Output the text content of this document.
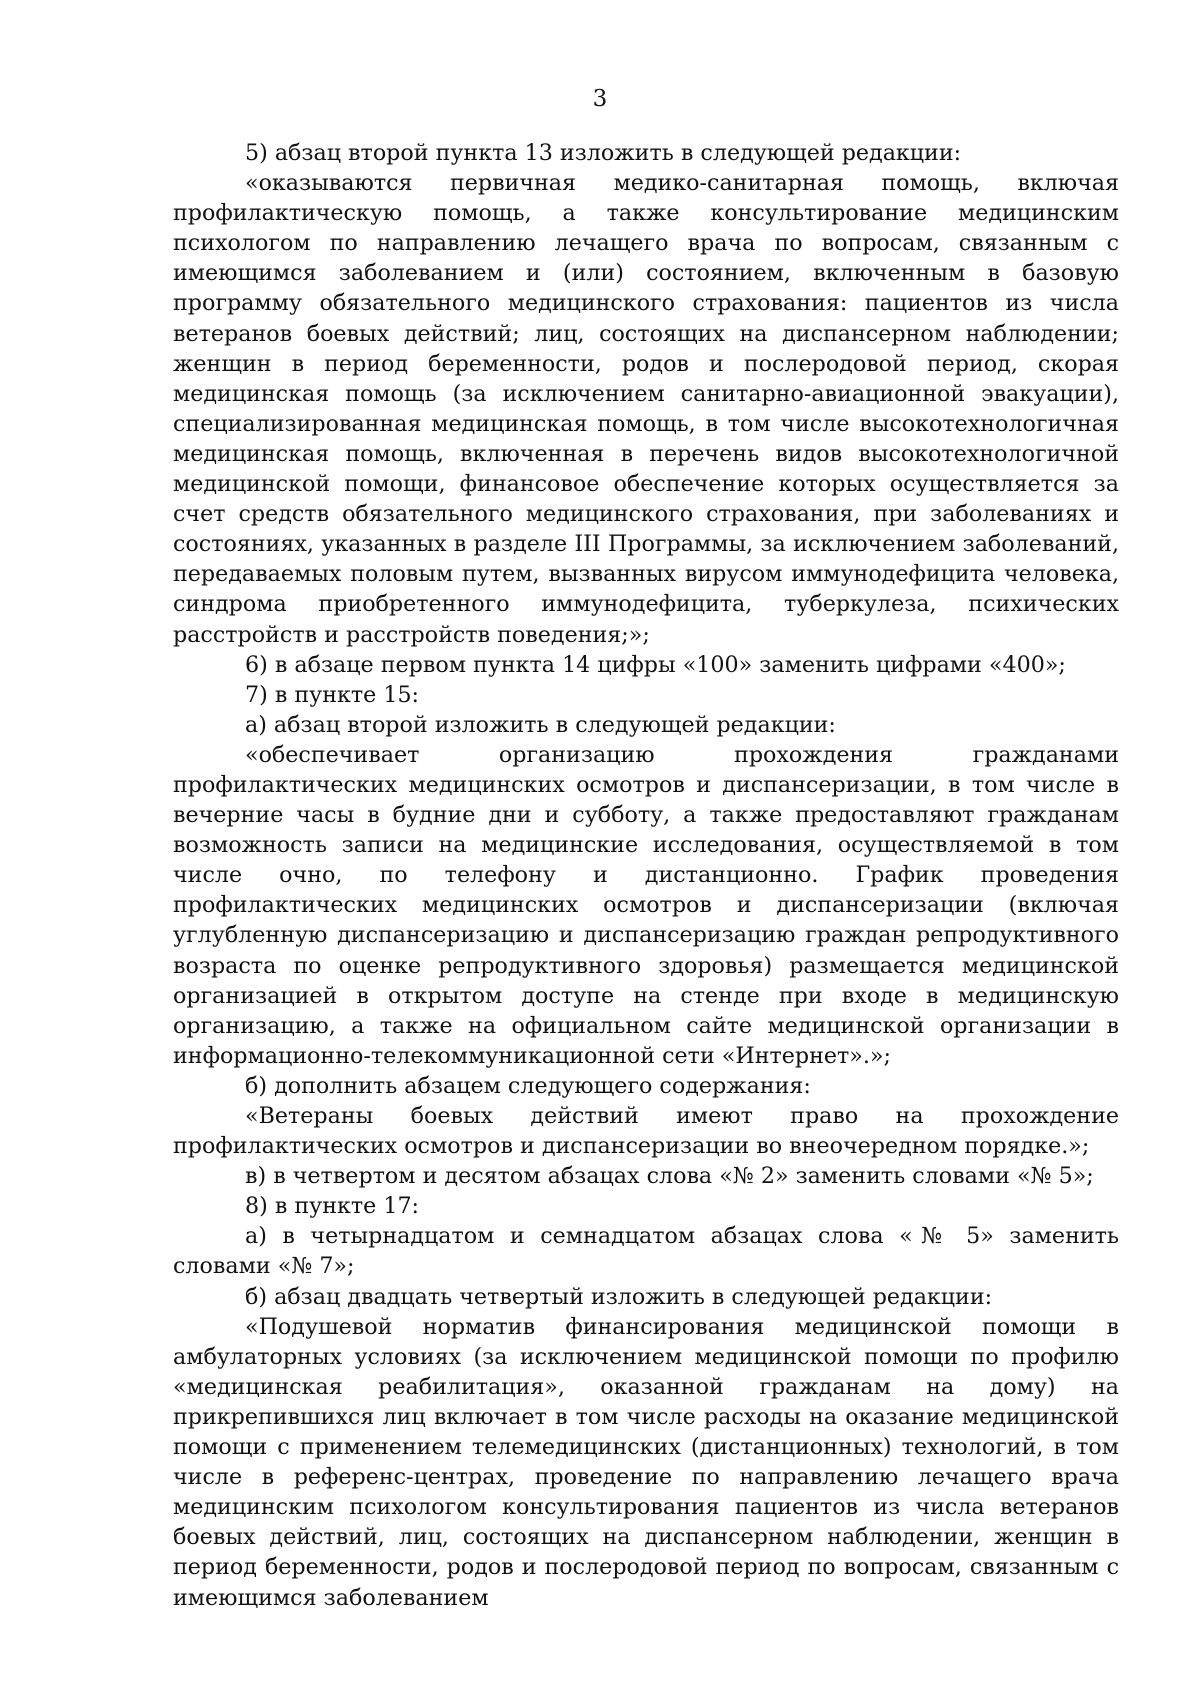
3

5) абзац второй пункта 13 изложить в следующей редакции:

«оказываются первичная медико-санитарная помощь, включая профилактическую помощь, а также консультирование медицинским психологом по направлению лечащего врача по вопросам, связанным с имеющимся заболеванием и (или) состоянием, включенным в базовую программу обязательного медицинского страхования: пациентов из числа ветеранов боевых действий; лиц, состоящих на диспансерном наблюдении; женщин в период беременности, родов и послеродовой период, скорая медицинская помощь (за исключением санитарно-авиационной эвакуации), специализированная медицинская помощь, в том числе высокотехнологичная медицинская помощь, включенная в перечень видов высокотехнологичной медицинской помощи, финансовое обеспечение которых осуществляется за счет средств обязательного медицинского страхования, при заболеваниях и состояниях, указанных в разделе III Программы, за исключением заболеваний, передаваемых половым путем, вызванных вирусом иммунодефицита человека, синдрома приобретенного иммунодефицита, туберкулеза, психических расстройств и расстройств поведения;»;

6) в абзаце первом пункта 14 цифры «100» заменить цифрами «400»;

7) в пункте 15:

а) абзац второй изложить в следующей редакции:

«обеспечивает организацию прохождения гражданами профилактических медицинских осмотров и диспансеризации, в том числе в вечерние часы в будние дни и субботу, а также предоставляют гражданам возможность записи на медицинские исследования, осуществляемой в том числе очно, по телефону и дистанционно. График проведения профилактических медицинских осмотров и диспансеризации (включая углубленную диспансеризацию и диспансеризацию граждан репродуктивного возраста по оценке репродуктивного здоровья) размещается медицинской организацией в открытом доступе на стенде при входе в медицинскую организацию, а также на официальном сайте медицинской организации в информационно-телекоммуникационной сети «Интернет».»;

б) дополнить абзацем следующего содержания:

«Ветераны боевых действий имеют право на прохождение профилактических осмотров и диспансеризации во внеочередном порядке.»;

в) в четвертом и десятом абзацах слова «№ 2» заменить словами «№ 5»;

8) в пункте 17:

а) в четырнадцатом и семнадцатом абзацах слова «№ 5» заменить словами «№ 7»;

б) абзац двадцать четвертый изложить в следующей редакции:

«Подушевой норматив финансирования медицинской помощи в амбулаторных условиях (за исключением медицинской помощи по профилю «медицинская реабилитация», оказанной гражданам на дому) на прикрепившихся лиц включает в том числе расходы на оказание медицинской помощи с применением телемедицинских (дистанционных) технологий, в том числе в референс-центрах, проведение по направлению лечащего врача медицинским психологом консультирования пациентов из числа ветеранов боевых действий, лиц, состоящих на диспансерном наблюдении, женщин в период беременности, родов и послеродовой период по вопросам, связанным с имеющимся заболеванием
